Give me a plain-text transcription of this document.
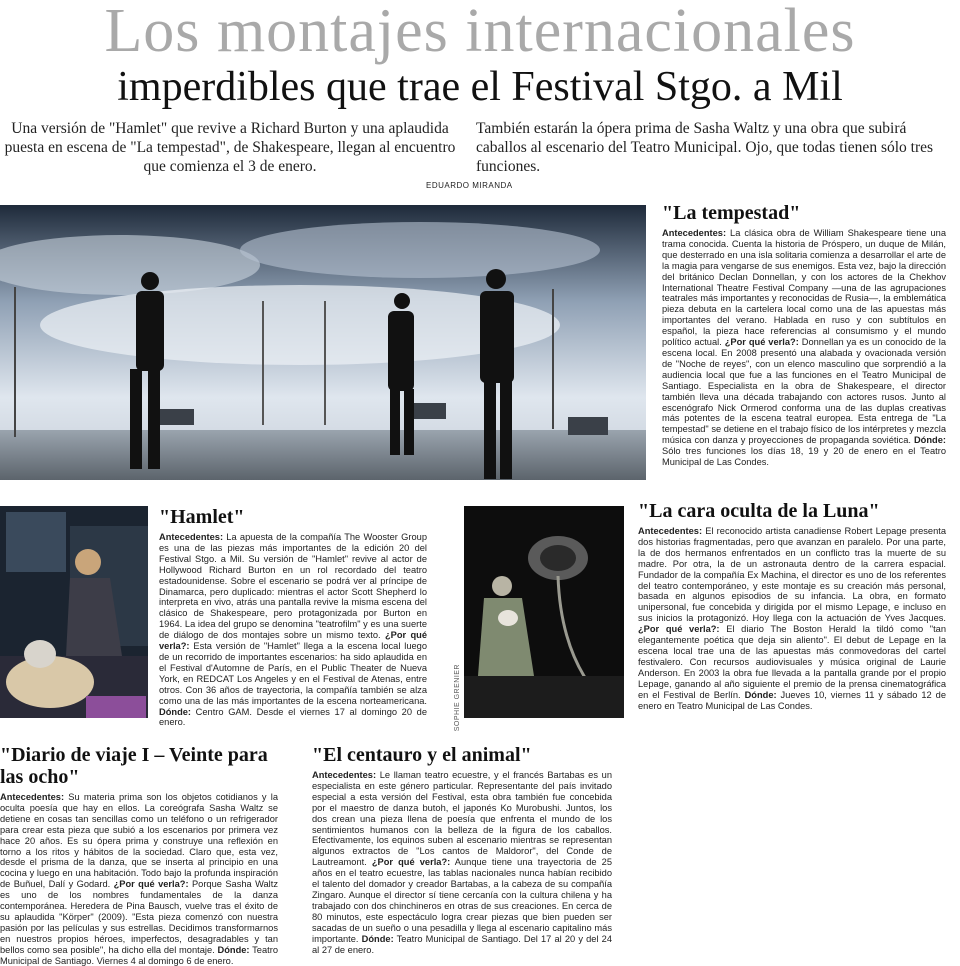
Los montajes internacionales
imperdibles que trae el Festival Stgo. a Mil
Una versión de "Hamlet" que revive a Richard Burton y una aplaudida puesta en escena de "La tempestad", de Shakespeare, llegan al encuentro que comienza el 3 de enero.
También estarán la ópera prima de Sasha Waltz y una obra que subirá caballos al escenario del Teatro Municipal. Ojo, que todas tienen sólo tres funciones.
EDUARDO MIRANDA
SOPHIE GRENIER
"La tempestad"

Antecedentes: La clásica obra de William Shakespeare tiene una trama conocida. Cuenta la historia de Próspero, un duque de Milán, que desterrado en una isla solitaria comienza a desarrollar el arte de la magia para vengarse de sus enemigos. Esta vez, bajo la dirección del británico Declan Donnellan, y con los actores de la Chekhov International Theatre Festival Company —una de las agrupaciones teatrales más importantes y reconocidas de Rusia—, la emblemática pieza debuta en la cartelera local como una de las apuestas más importantes del verano. Hablada en ruso y con subtítulos en español, la pieza hace referencias al consumismo y el mundo político actual. ¿Por qué verla?: Donnellan ya es un conocido de la escena local. En 2008 presentó una alabada y ovacionada versión de "Noche de reyes", con un elenco masculino que sorprendió a la audiencia local que fue a las funciones en el Teatro Municipal de Santiago. Especialista en la obra de Shakespeare, el director también lleva una década trabajando con actores rusos. Junto al escenógrafo Nick Ormerod conforma una de las duplas creativas más potentes de la escena teatral europea. Esta entrega de "La tempestad" se detiene en el trabajo físico de los intérpretes y mezcla música con danza y proyecciones de propaganda soviética. Dónde: Sólo tres funciones los días 18, 19 y 20 de enero en el Teatro Municipal de Las Condes.

"Hamlet"

Antecedentes: La apuesta de la compañía The Wooster Group es una de las piezas más importantes de la edición 20 del Festival Stgo. a Mil. Su versión de "Hamlet" revive al actor de Hollywood Richard Burton en un rol recordado del teatro estadounidense. Sobre el escenario se podrá ver al príncipe de Dinamarca, pero duplicado: mientras el actor Scott Shepherd lo interpreta en vivo, atrás una pantalla revive la misma escena del clásico de Shakespeare, pero protagonizada por Burton en 1964. La idea del grupo se denomina "teatrofilm" y es una suerte de diálogo de dos montajes sobre un mismo texto. ¿Por qué verla?: Esta versión de "Hamlet" llega a la escena local luego de un recorrido de importantes escenarios: ha sido aplaudida en el Festival d'Automne de París, en el Public Theater de Nueva York, en REDCAT Los Angeles y en el Festival de Atenas, entre otros. Con 36 años de trayectoria, la compañía también se alza como una de las más importantes de la escena norteamericana. Dónde: Centro GAM. Desde el viernes 17 al domingo 20 de enero.

"La cara oculta de la Luna"

Antecedentes: El reconocido artista canadiense Robert Lepage presenta dos historias fragmentadas, pero que avanzan en paralelo. Por una parte, la de dos hermanos enfrentados en un conflicto tras la muerte de su madre. Por otra, la de un astronauta dentro de la carrera espacial. Fundador de la compañía Ex Machina, el director es uno de los referentes del teatro contemporáneo, y este montaje es su creación más personal, basada en algunos episodios de su infancia. La obra, en formato unipersonal, fue concebida y dirigida por el mismo Lepage, e incluso en sus inicios la protagonizó. Hoy llega con la actuación de Yves Jacques. ¿Por qué verla?: El diario The Boston Herald la tildó como "tan elegantemente poética que deja sin aliento". El debut de Lepage en la escena local trae una de las apuestas más conmovedoras del cartel festivalero. Con recursos audiovisuales y música original de Laurie Anderson. En 2003 la obra fue llevada a la pantalla grande por el propio Lepage, ganando al año siguiente el premio de la prensa cinematográfica en el Festival de Berlín. Dónde: Jueves 10, viernes 11 y sábado 12 de enero en Teatro Municipal de Las Condes.

"Diario de viaje I – Veinte para las ocho"

Antecedentes: Su materia prima son los objetos cotidianos y la oculta poesía que hay en ellos. La coreógrafa Sasha Waltz se detiene en cosas tan sencillas como un teléfono o un refrigerador para crear esta pieza que subió a los escenarios por primera vez hace 20 años. Es su ópera prima y construye una reflexión en torno a los ritos y hábitos de la sociedad. Claro que, esta vez, desde el prisma de la danza, que se inserta al principio en una cocina y luego en una habitación. Todo bajo la profunda inspiración de Buñuel, Dalí y Godard. ¿Por qué verla?: Porque Sasha Waltz es uno de los nombres fundamentales de la danza contemporánea. Heredera de Pina Bausch, vuelve tras el éxito de su aplaudida "Körper" (2009). "Esta pieza comenzó con nuestra pasión por las películas y sus estrellas. Decidimos transformarnos en nuestros propios héroes, imperfectos, desagradables y tan bellos como sea posible", ha dicho ella del montaje. Dónde: Teatro Municipal de Santiago. Viernes 4 al domingo 6 de enero.

"El centauro y el animal"

Antecedentes: Le llaman teatro ecuestre, y el francés Bartabas es un especialista en este género particular. Representante del país invitado especial a esta versión del Festival, esta obra también fue concebida por el maestro de danza butoh, el japonés Ko Murobushi. Juntos, los dos crean una pieza llena de poesía que enfrenta el mundo de los sentimientos humanos con la belleza de la figura de los caballos. Efectivamente, los equinos suben al escenario mientras se representan algunos extractos de "Los cantos de Maldoror", del Conde de Lautreamont. ¿Por qué verla?: Aunque tiene una trayectoria de 25 años en el teatro ecuestre, las tablas nacionales nunca habían recibido el talento del domador y creador Bartabas, a la cabeza de su compañía Zingaro. Aunque el director sí tiene cercanía con la cultura chilena y ha trabajado con dos chinchineros en otras de sus creaciones. En cerca de 80 minutos, este espectáculo logra crear piezas que bien pueden ser sacadas de un sueño o una pesadilla y llega al escenario capitalino más importante. Dónde: Teatro Municipal de Santiago. Del 17 al 20 y del 24 al 27 de enero.
